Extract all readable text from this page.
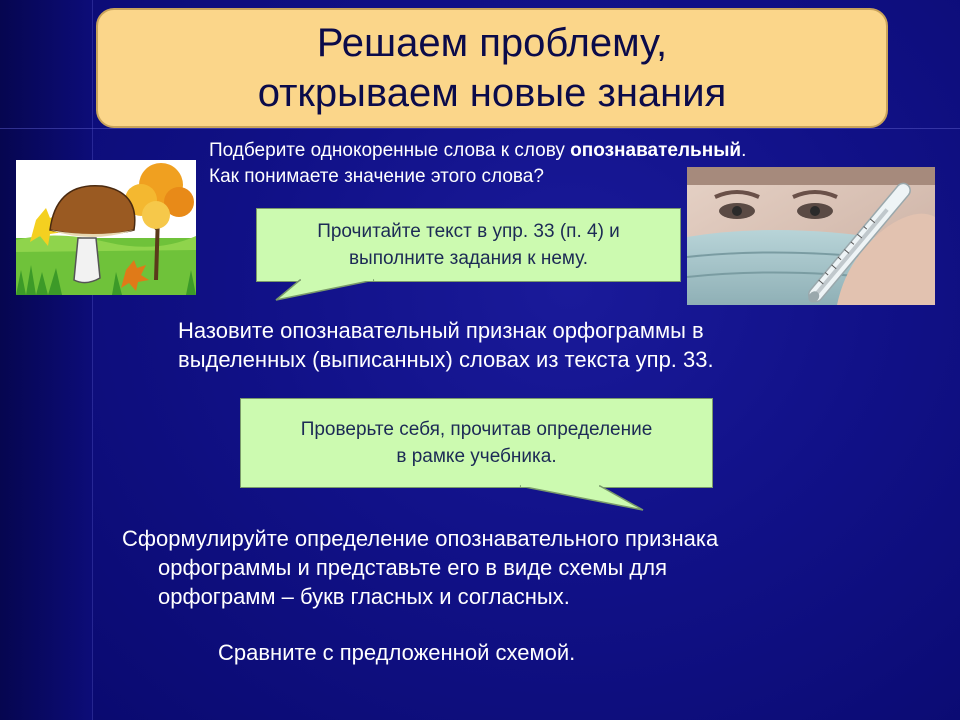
Решаем проблему,
открываем новые знания
Подберите однокоренные слова к слову опознавательный.
Как понимаете значение этого слова?
Прочитайте текст в упр. 33 (п. 4) и
выполните задания к нему.
Проверьте себя, прочитав определение
в рамке учебника.
Назовите опознавательный признак орфограммы в
выделенных (выписанных) словах из текста упр. 33.
Сформулируйте определение опознавательного признака
орфограммы и представьте его в виде схемы для
орфограмм – букв гласных и согласных.
Сравните с предложенной схемой.
